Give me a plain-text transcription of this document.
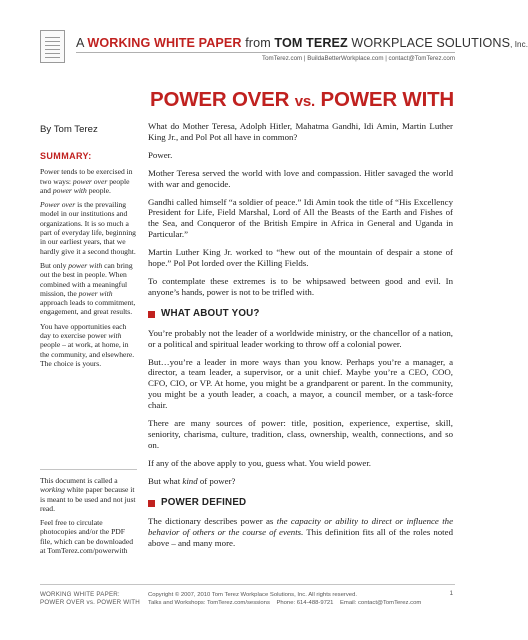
A WORKING WHITE PAPER from TOM TEREZ WORKPLACE SOLUTIONS, Inc.
TomTerez.com | BuildaBetterWorkplace.com | contact@TomTerez.com
POWER OVER vs. POWER WITH
By Tom Terez
SUMMARY:

Power tends to be exercised in two ways: power over people and power with people.

Power over is the prevailing model in our institutions and organizations. It is so much a part of everyday life, beginning in our earliest years, that we hardly give it a second thought.

But only power with can bring out the best in people. When combined with a meaningful mission, the power with approach leads to commitment, engagement, and great results.

You have opportunities each day to exercise power with people – at work, at home, in the community, and elsewhere. The choice is yours.

This document is called a working white paper because it is meant to be used and not just read.

Feel free to circulate photocopies and/or the PDF file, which can be downloaded at TomTerez.com/powerwith

What do Mother Teresa, Adolph Hitler, Mahatma Gandhi, Idi Amin, Martin Luther King Jr., and Pol Pot all have in common?

Power.

Mother Teresa served the world with love and compassion. Hitler savaged the world with war and genocide.

Gandhi called himself “a soldier of peace.” Idi Amin took the title of “His Excellency President for Life, Field Marshal, Lord of All the Beasts of the Earth and Fishes of the Sea, and Conqueror of the British Empire in Africa in General and Uganda in Particular.”

Martin Luther King Jr. worked to “hew out of the mountain of despair a stone of hope.” Pol Pot lorded over the Killing Fields.

To contemplate these extremes is to be whipsawed between good and evil. In anyone’s hands, power is not to be trifled with.

WHAT ABOUT YOU?

You’re probably not the leader of a worldwide ministry, or the chancellor of a nation, or a political and spiritual leader working to throw off a colonial power.

But…you’re a leader in more ways than you know. Perhaps you’re a manager, a director, a team leader, a supervisor, or a unit chief. Maybe you’re a CEO, COO, CFO, CIO, or VP. At home, you might be a grandparent or parent. In the community, you might be a youth leader, a coach, a mayor, a council member, or a task-force chair.

There are many sources of power: title, position, experience, expertise, skill, seniority, charisma, culture, tradition, class, ownership, wealth, connections, and so on.

If any of the above apply to you, guess what. You wield power.

But what kind of power?

POWER DEFINED

The dictionary describes power as the capacity or ability to direct or influence the behavior of others or the course of events. This definition fits all of the roles noted above – and many more.

WORKING WHITE PAPER:
POWER OVER vs. POWER WITH
Copyright © 2007, 2010 Tom Terez Workplace Solutions, Inc. All rights reserved.
Talks and Workshops: TomTerez.com/sessions    Phone: 614-488-9721    Email: contact@TomTerez.com
1
